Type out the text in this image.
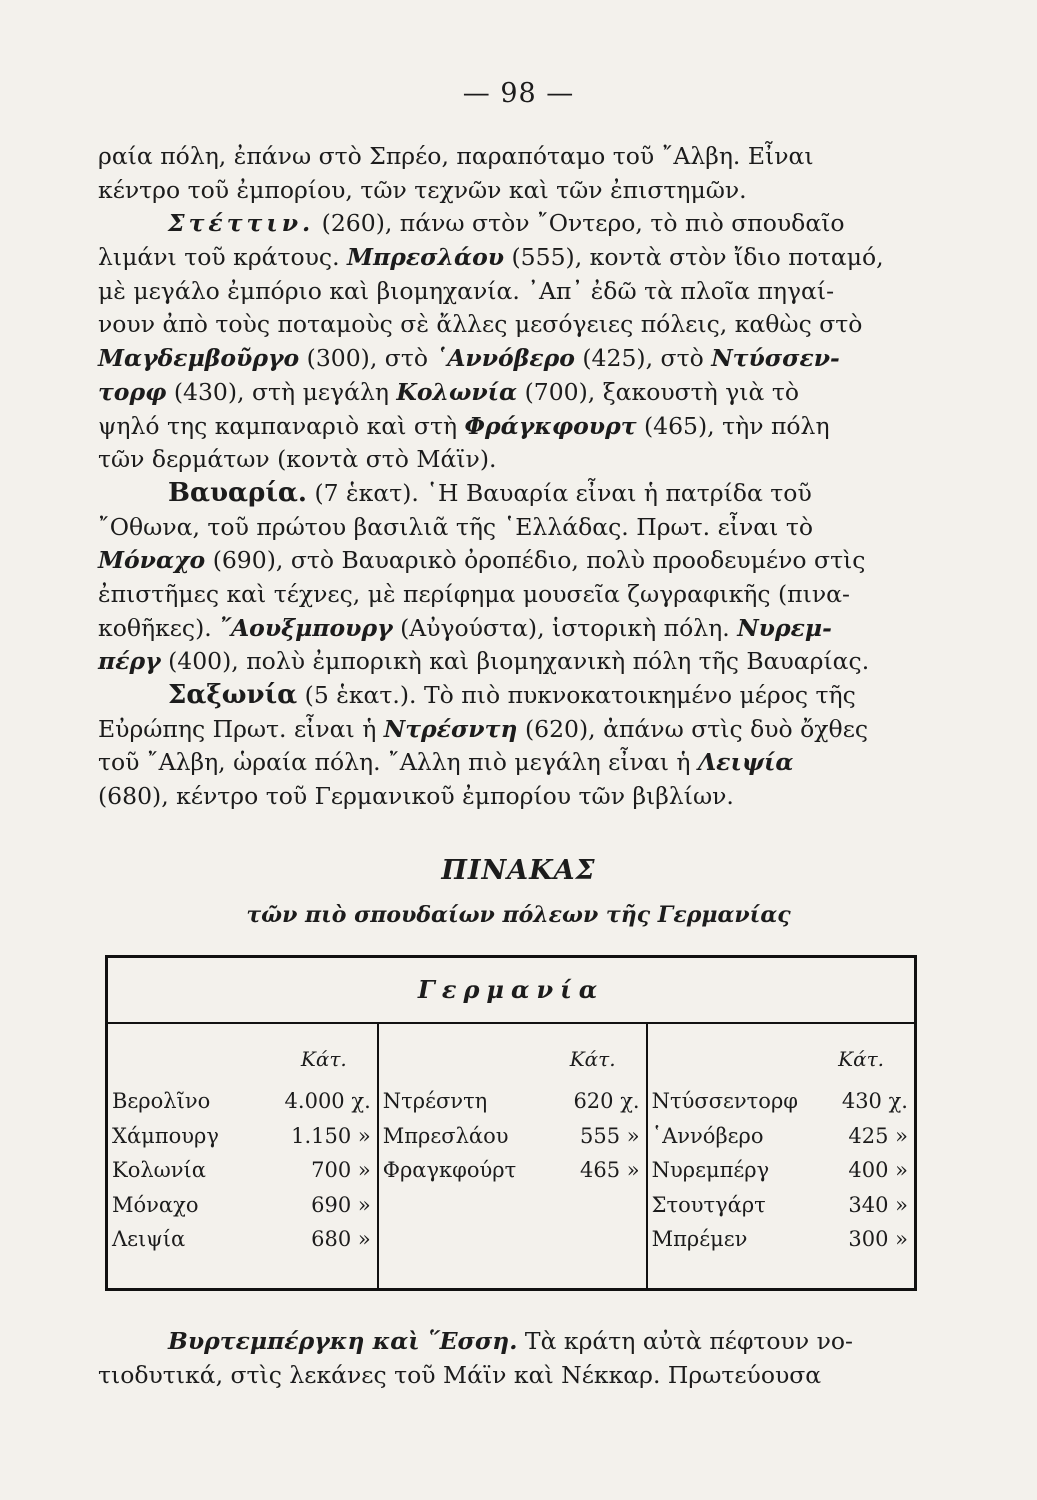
— 98 —
ραία πόλη, ἐπάνω στὸ Σπρέο, παραπόταμο τοῦ ῎Αλβη. Εἶναι
κέντρο τοῦ ἐμπορίου, τῶν τεχνῶν καὶ τῶν ἐπιστημῶν.
Στέττιν. (260), πάνω στὸν ῎Οντερο, τὸ πιὸ σπουδαῖο
λιμάνι τοῦ κράτους. Μπρεσλάου (555), κοντὰ στὸν ἴδιο ποταμό,
μὲ μεγάλο ἐμπόριο καὶ βιομηχανία. ᾿Απ᾿ ἐδῶ τὰ πλοῖα πηγαί-
νουν ἀπὸ τοὺς ποταμοὺς σὲ ἄλλες μεσόγειες πόλεις, καθὼς στὸ
Μαγδεμβοῦργο (300), στὸ ῾Αννόβερο (425), στὸ Ντύσσεν-
τορφ (430), στὴ μεγάλη Κολωνία (700), ξακουστὴ γιὰ τὸ
ψηλό της καμπαναριὸ καὶ στὴ Φράγκφουρτ (465), τὴν πόλη
τῶν δερμάτων (κοντὰ στὸ Μάϊν).
Βαυαρία. (7 ἑκατ). ῾Η Βαυαρία εἶναι ἡ πατρίδα τοῦ
῎Οθωνα, τοῦ πρώτου βασιλιᾶ τῆς ῾Ελλάδας. Πρωτ. εἶναι τὸ
Μόναχο (690), στὸ Βαυαρικὸ ὀροπέδιο, πολὺ προοδευμένο στὶς
ἐπιστῆμες καὶ τέχνες, μὲ περίφημα μουσεῖα ζωγραφικῆς (πινα-
κοθῆκες). ῎Αουξμπουργ (Αὐγούστα), ἱστορικὴ πόλη. Νυρεμ-
πέργ (400), πολὺ ἐμπορικὴ καὶ βιομηχανικὴ πόλη τῆς Βαυαρίας.
Σαξωνία (5 ἑκατ.). Τὸ πιὸ πυκνοκατοικημένο μέρος τῆς
Εὐρώπης Πρωτ. εἶναι ἡ Ντρέσντη (620), ἀπάνω στὶς δυὸ ὄχθες
τοῦ ῎Αλβη, ὡραία πόλη. ῎Αλλη πιὸ μεγάλη εἶναι ἡ Λειψία
(680), κέντρο τοῦ Γερμανικοῦ ἐμπορίου τῶν βιβλίων.
ΠΙΝΑΚΑΣ
τῶν πιὸ σπουδαίων πόλεων τῆς Γερμανίας
Γερμανία
Κάτ.
Βερολῖνο	4.000 χ.
Χάμπουργ	1.150 »
Κολωνία	700 »
Μόναχο	690 »
Λειψία	680 »
Κάτ.
Ντρέσντη	620 χ.
Μπρεσλάου	555 »
Φραγκφούρτ	465 »
Κάτ.
Ντύσσεντορφ	430 χ.
῾Αννόβερο	425 »
Νυρεμπέργ	400 »
Στουτγάρτ	340 »
Μπρέμεν	300 »
Βυρτεμπέργκη καὶ ῞Εσση. Τὰ κράτη αὐτὰ πέφτουν νο-
τιοδυτικά, στὶς λεκάνες τοῦ Μάϊν καὶ Νέκκαρ. Πρωτεύουσα
